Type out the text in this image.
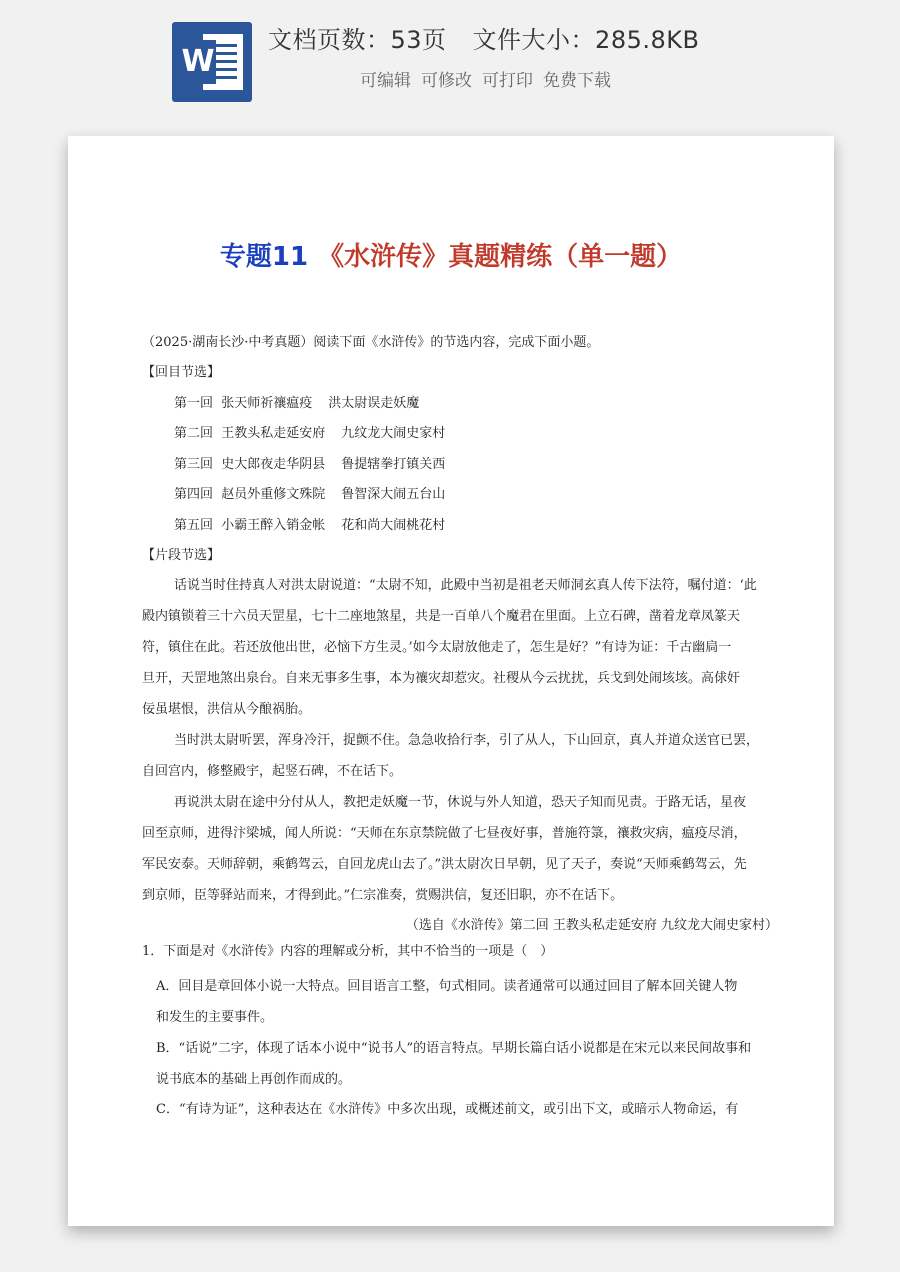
W
文档页数：53页 文件大小：285.8KB
可编辑 可修改 可打印 免费下载
专题11 《水浒传》真题精练（单一题）
（2025·湖南长沙·中考真题）阅读下面《水浒传》的节选内容，完成下面小题。
【回目节选】
第一回 张天师祈禳瘟疫 洪太尉误走妖魔
第二回 王教头私走延安府 九纹龙大闹史家村
第三回 史大郎夜走华阴县 鲁提辖拳打镇关西
第四回 赵员外重修文殊院 鲁智深大闹五台山
第五回 小霸王醉入销金帐 花和尚大闹桃花村
【片段节选】
话说当时住持真人对洪太尉说道：“太尉不知，此殿中当初是祖老天师洞玄真人传下法符，嘱付道：‘此
殿内镇锁着三十六员天罡星，七十二座地煞星，共是一百单八个魔君在里面。上立石碑，凿着龙章凤篆天
符，镇住在此。若还放他出世，必恼下方生灵。’如今太尉放他走了，怎生是好？”有诗为证：千古幽扃一
旦开，天罡地煞出泉台。自来无事多生事，本为禳灾却惹灾。社稷从今云扰扰，兵戈到处闹垓垓。高俅奸
佞虽堪恨，洪信从今酿祸胎。
当时洪太尉听罢，浑身冷汗，捉颤不住。急急收拾行李，引了从人，下山回京，真人并道众送官已罢，
自回宫内，修整殿宇，起竖石碑，不在话下。
再说洪太尉在途中分付从人，教把走妖魔一节，休说与外人知道，恐天子知而见责。于路无话，星夜
回至京师，进得汴梁城，闻人所说：“天师在东京禁院做了七昼夜好事，普施符箓，禳救灾病，瘟疫尽消，
军民安泰。天师辞朝，乘鹤驾云，自回龙虎山去了。”洪太尉次日早朝，见了天子，奏说“天师乘鹤驾云，先
到京师，臣等驿站而来，才得到此。”仁宗准奏，赏赐洪信，复还旧职，亦不在话下。
（选自《水浒传》第二回 王教头私走延安府 九纹龙大闹史家村）
1．下面是对《水浒传》内容的理解或分析，其中不恰当的一项是（　）
A．回目是章回体小说一大特点。回目语言工整，句式相同。读者通常可以通过回目了解本回关键人物
和发生的主要事件。
B．“话说”二字，体现了话本小说中“说书人”的语言特点。早期长篇白话小说都是在宋元以来民间故事和
说书底本的基础上再创作而成的。
C．“有诗为证”，这种表达在《水浒传》中多次出现，或概述前文，或引出下文，或暗示人物命运，有
